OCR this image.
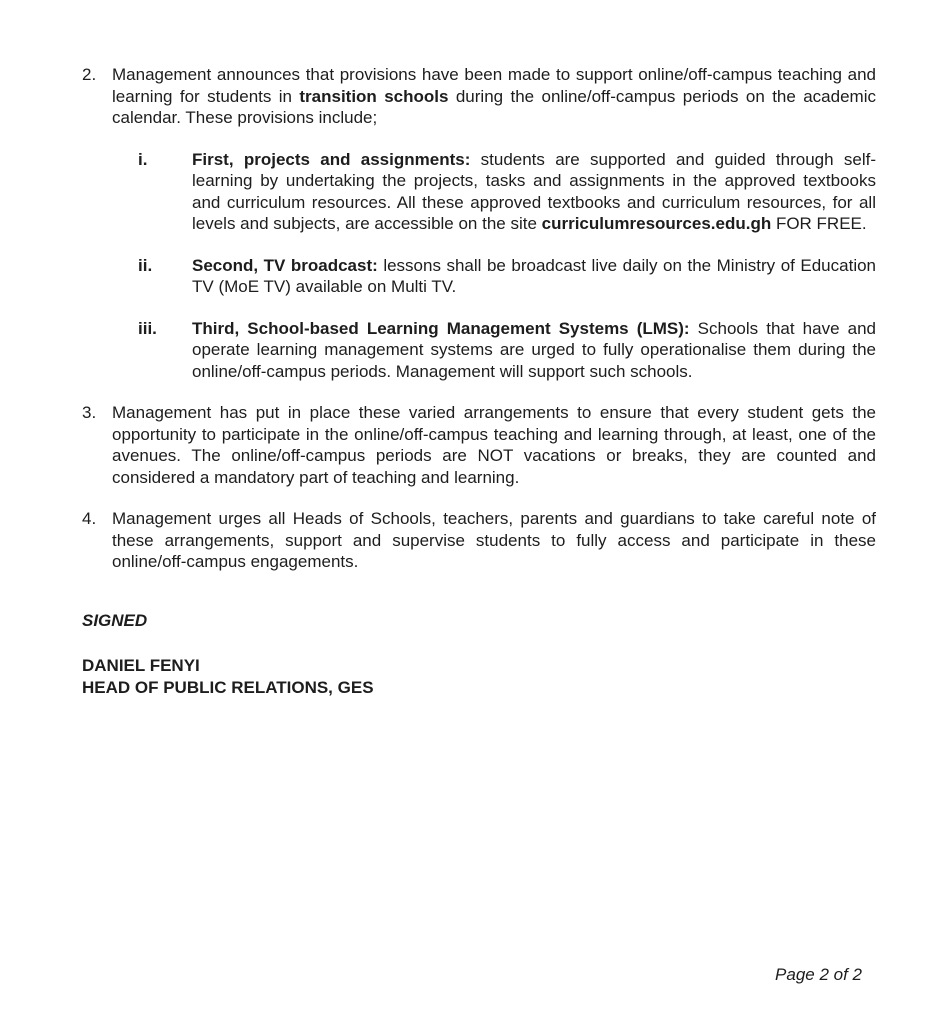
2. Management announces that provisions have been made to support online/off-campus teaching and learning for students in transition schools during the online/off-campus periods on the academic calendar. These provisions include;
i.	First, projects and assignments: students are supported and guided through self-learning by undertaking the projects, tasks and assignments in the approved textbooks and curriculum resources. All these approved textbooks and curriculum resources, for all levels and subjects, are accessible on the site curriculumresources.edu.gh FOR FREE.
ii.	Second, TV broadcast: lessons shall be broadcast live daily on the Ministry of Education TV (MoE TV) available on Multi TV.
iii.	Third, School-based Learning Management Systems (LMS): Schools that have and operate learning management systems are urged to fully operationalise them during the online/off-campus periods. Management will support such schools.
3. Management has put in place these varied arrangements to ensure that every student gets the opportunity to participate in the online/off-campus teaching and learning through, at least, one of the avenues. The online/off-campus periods are NOT vacations or breaks, they are counted and considered a mandatory part of teaching and learning.
4. Management urges all Heads of Schools, teachers, parents and guardians to take careful note of these arrangements, support and supervise students to fully access and participate in these online/off-campus engagements.
SIGNED
DANIEL FENYI
HEAD OF PUBLIC RELATIONS, GES
Page 2 of 2
